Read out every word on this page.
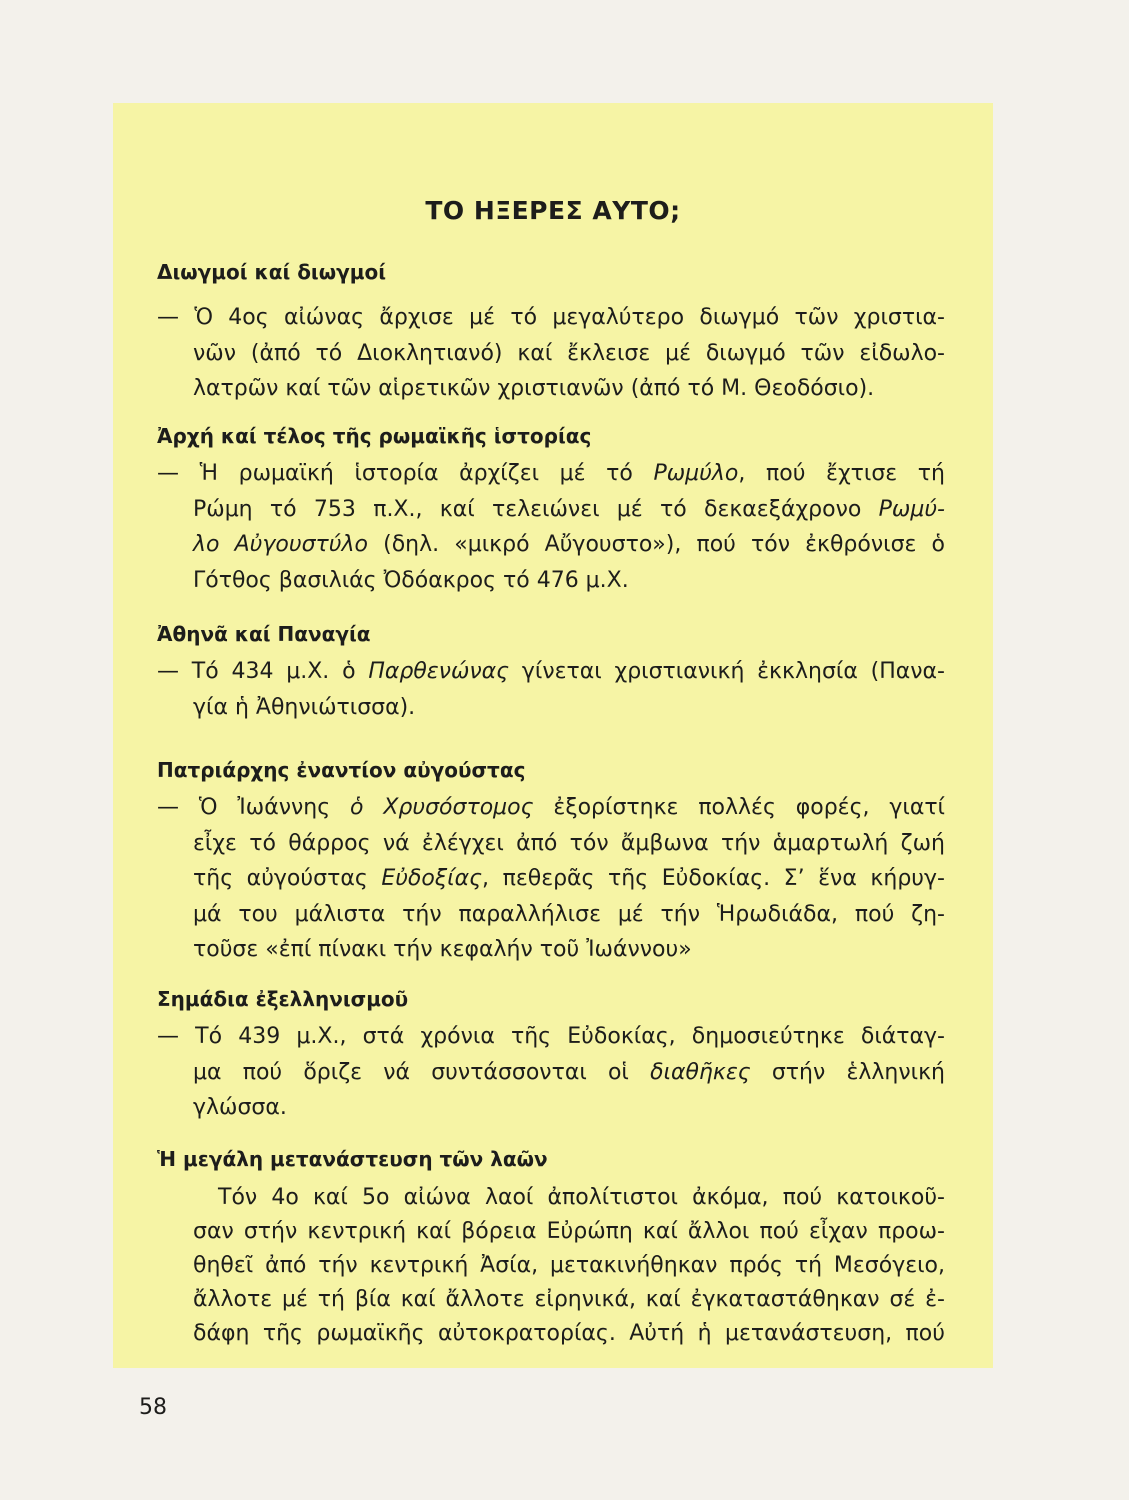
ΤΟ ΗΞΕΡΕΣ ΑΥΤΟ;
Διωγμοί καί διωγμοί
— Ὁ 4ος αἰώνας ἄρχισε μέ τό μεγαλύτερο διωγμό τῶν χριστια-
νῶν (ἀπό τό Διοκλητιανό) καί ἔκλεισε μέ διωγμό τῶν εἰδωλο-
λατρῶν καί τῶν αἱρετικῶν χριστιανῶν (ἀπό τό Μ. Θεοδόσιο).
Ἀρχή καί τέλος τῆς ρωμαϊκῆς ἱστορίας
— Ἡ ρωμαϊκή ἱστορία ἀρχίζει μέ τό Ρωμύλο, πού ἔχτισε τή
Ρώμη τό 753 π.Χ., καί τελειώνει μέ τό δεκαεξάχρονο Ρωμύ-
λο Αὐγουστύλο (δηλ. «μικρό Αὔγουστο»), πού τόν ἐκθρόνισε ὁ
Γότθος βασιλιάς Ὀδόακρος τό 476 μ.Χ.
Ἀθηνᾶ καί Παναγία
— Τό 434 μ.Χ. ὁ Παρθενώνας γίνεται χριστιανική ἐκκλησία (Πανα-
γία ἡ Ἀθηνιώτισσα).
Πατριάρχης ἐναντίον αὐγούστας
— Ὁ Ἰωάννης ὁ Χρυσόστομος ἐξορίστηκε πολλές φορές, γιατί
εἶχε τό θάρρος νά ἐλέγχει ἀπό τόν ἄμβωνα τήν ἁμαρτωλή ζωή
τῆς αὐγούστας Εὐδοξίας, πεθερᾶς τῆς Εὐδοκίας. Σ’ ἕνα κήρυγ-
μά του μάλιστα τήν παραλλήλισε μέ τήν Ἡρωδιάδα, πού ζη-
τοῦσε «ἐπί πίνακι τήν κεφαλήν τοῦ Ἰωάννου»
Σημάδια ἐξελληνισμοῦ
— Τό 439 μ.Χ., στά χρόνια τῆς Εὐδοκίας, δημοσιεύτηκε διάταγ-
μα πού ὅριζε νά συντάσσονται οἱ διαθῆκες στήν ἑλληνική
γλώσσα.
Ἡ μεγάλη μετανάστευση τῶν λαῶν
Τόν 4ο καί 5ο αἰώνα λαοί ἀπολίτιστοι ἀκόμα, πού κατοικοῦ-
σαν στήν κεντρική καί βόρεια Εὐρώπη καί ἄλλοι πού εἶχαν προω-
θηθεῖ ἀπό τήν κεντρική Ἀσία, μετακινήθηκαν πρός τή Μεσόγειο,
ἄλλοτε μέ τή βία καί ἄλλοτε εἰρηνικά, καί ἐγκαταστάθηκαν σέ ἐ-
δάφη τῆς ρωμαϊκῆς αὐτοκρατορίας. Αὐτή ἡ μετανάστευση, πού
58
